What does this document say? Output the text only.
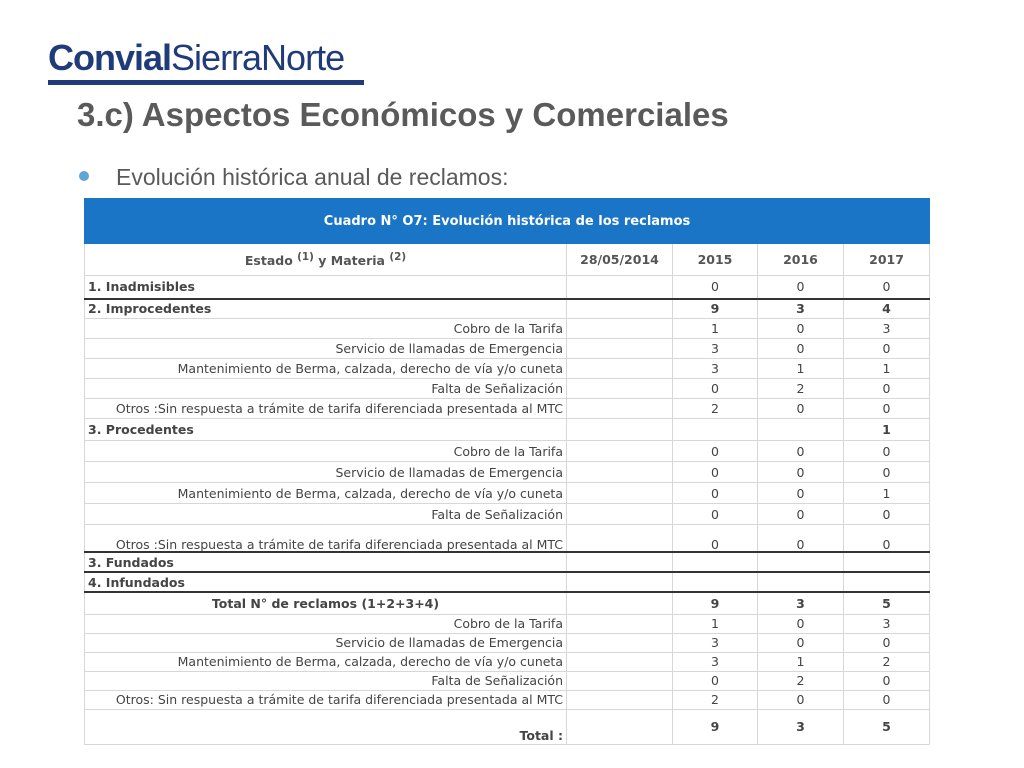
ConvialSierraNorte
3.c) Aspectos Económicos y Comerciales
Evolución histórica anual de reclamos:
Cuadro N° O7: Evolución histórica de los reclamos				
Estado $^{(1)}$ y Materia $^{(2)}$	28/05/2014	2015	2016	2017
1. Inadmisibles		0	0	0
2. Improcedentes		9	3	4
Cobro de la Tarifa		1	0	3
Servicio de llamadas de Emergencia		3	0	0
Mantenimiento de Berma, calzada, derecho de vía y/o cuneta		3	1	1
Falta de Señalización		0	2	0
Otros :Sin respuesta a trámite de tarifa diferenciada presentada al MTC		2	0	0
3. Procedentes				1
Cobro de la Tarifa		0	0	0
Servicio de llamadas de Emergencia		0	0	0
Mantenimiento de Berma, calzada, derecho de vía y/o cuneta		0	0	1
Falta de Señalización		0	0	0
Otros :Sin respuesta a trámite de tarifa diferenciada presentada al MTC		0	0	0
3. Fundados				
4. Infundados				
Total N° de reclamos (1+2+3+4)		9	3	5
Cobro de la Tarifa		1	0	3
Servicio de llamadas de Emergencia		3	0	0
Mantenimiento de Berma, calzada, derecho de vía y/o cuneta		3	1	2
Falta de Señalización		0	2	0
Otros: Sin respuesta a trámite de tarifa diferenciada presentada al MTC		2	0	0
Total :		9	3	5
